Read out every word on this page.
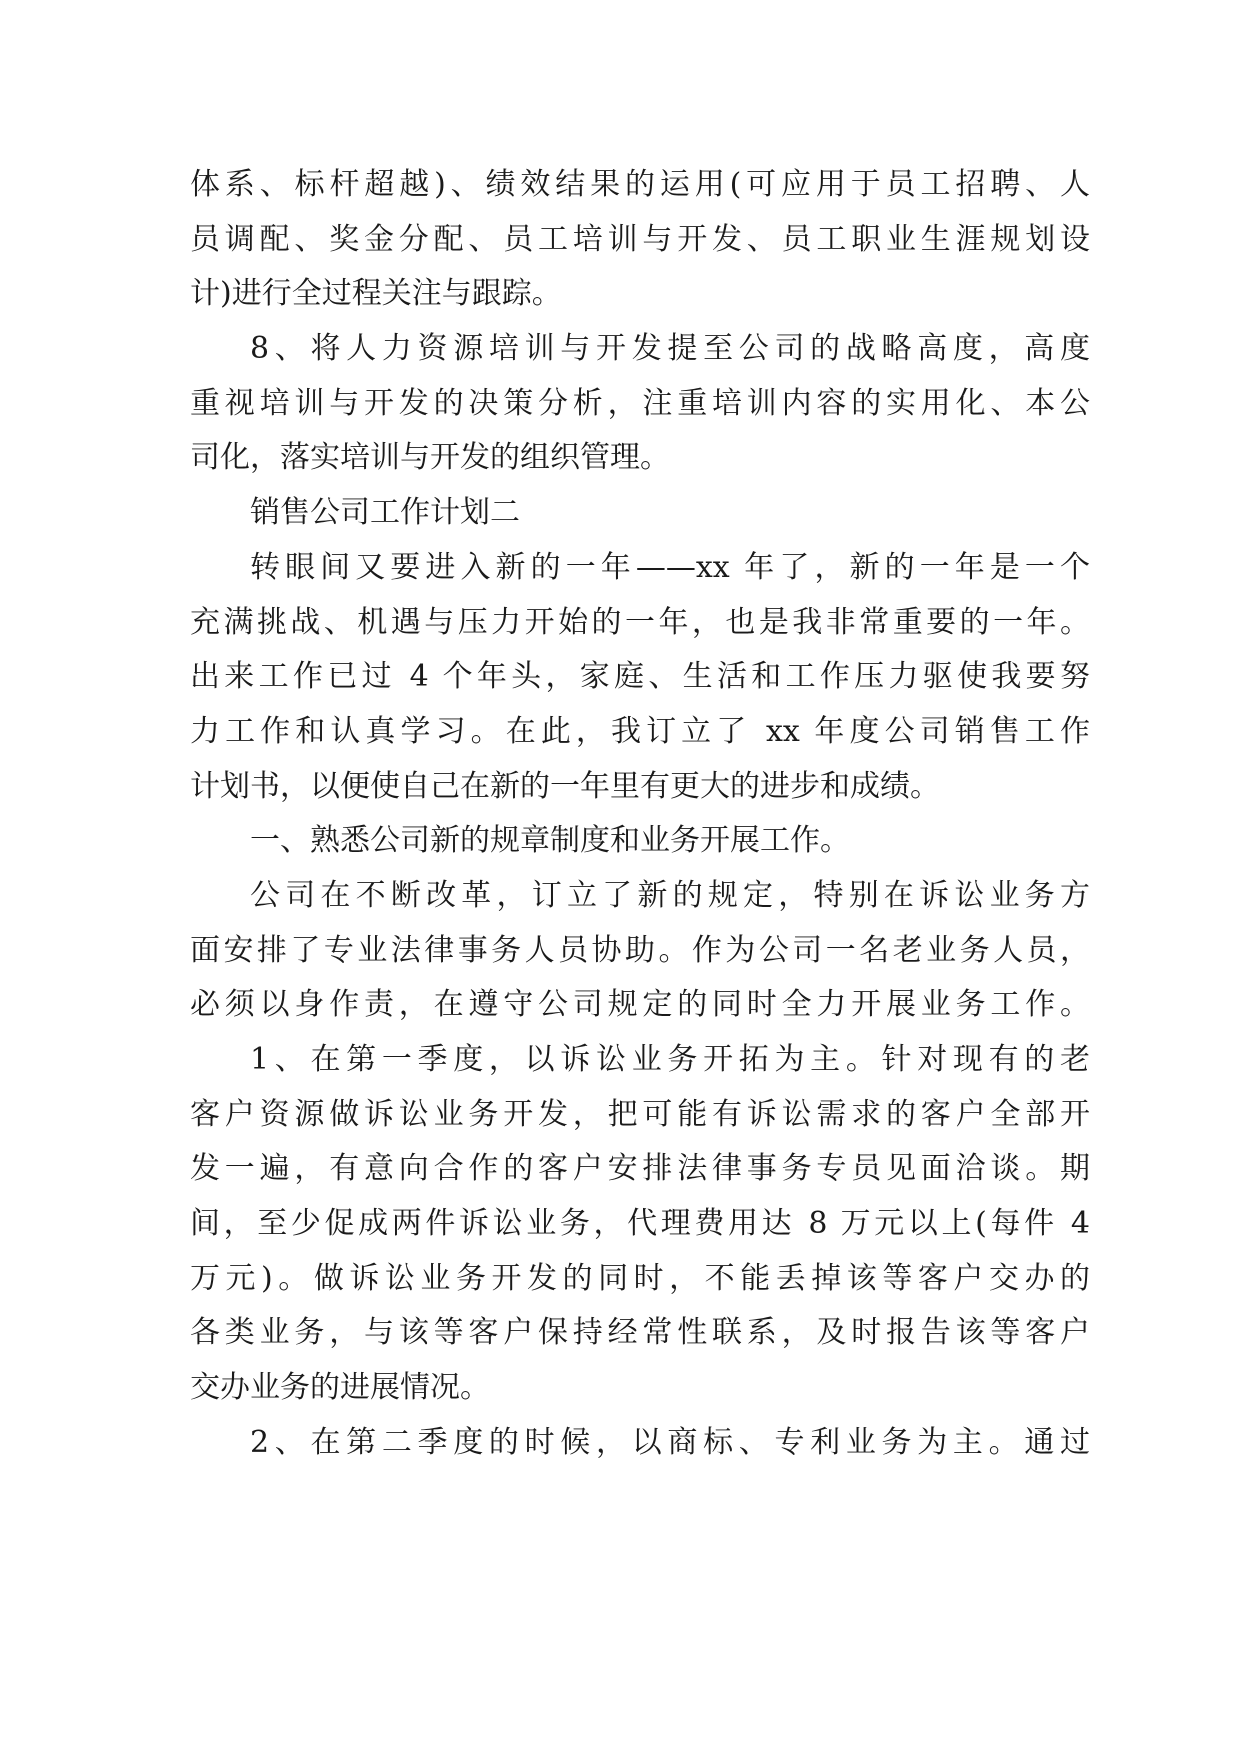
体系、标杆超越)、绩效结果的运用(可应用于员工招聘、人
员调配、奖金分配、员工培训与开发、员工职业生涯规划设
计)进行全过程关注与跟踪。
8、将人力资源培训与开发提至公司的战略高度，高度
重视培训与开发的决策分析，注重培训内容的实用化、本公
司化，落实培训与开发的组织管理。
销售公司工作计划二
转眼间又要进入新的一年——xx 年了，新的一年是一个
充满挑战、机遇与压力开始的一年，也是我非常重要的一年。
出来工作已过 4 个年头，家庭、生活和工作压力驱使我要努
力工作和认真学习。在此，我订立了 xx 年度公司销售工作
计划书，以便使自己在新的一年里有更大的进步和成绩。
一、熟悉公司新的规章制度和业务开展工作。
公司在不断改革，订立了新的规定，特别在诉讼业务方
面安排了专业法律事务人员协助。作为公司一名老业务人员，
必须以身作责，在遵守公司规定的同时全力开展业务工作。
1、在第一季度，以诉讼业务开拓为主。针对现有的老
客户资源做诉讼业务开发，把可能有诉讼需求的客户全部开
发一遍，有意向合作的客户安排法律事务专员见面洽谈。期
间，至少促成两件诉讼业务，代理费用达 8 万元以上(每件 4
万元)。做诉讼业务开发的同时，不能丢掉该等客户交办的
各类业务，与该等客户保持经常性联系，及时报告该等客户
交办业务的进展情况。
2、在第二季度的时候，以商标、专利业务为主。通过
